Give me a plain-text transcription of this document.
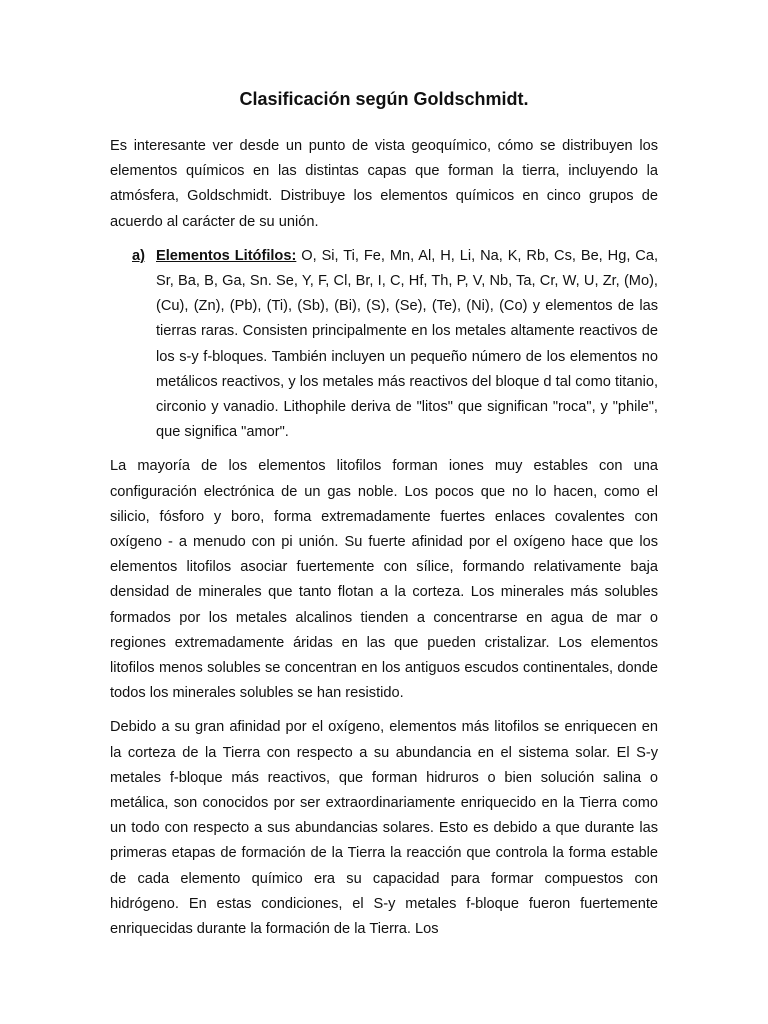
Clasificación según Goldschmidt.

Es interesante ver desde un punto de vista geoquímico, cómo se distribuyen los elementos químicos en las distintas capas que forman la tierra, incluyendo la atmósfera, Goldschmidt. Distribuye los elementos químicos en cinco grupos de acuerdo al carácter de su unión.

a) Elementos Litófilos: O, Si, Ti, Fe, Mn, Al, H, Li, Na, K, Rb, Cs, Be, Hg, Ca, Sr, Ba, B, Ga, Sn. Se, Y, F, Cl, Br, I, C, Hf, Th, P, V, Nb, Ta, Cr, W, U, Zr, (Mo), (Cu), (Zn), (Pb), (Ti), (Sb), (Bi), (S), (Se), (Te), (Ni), (Co) y elementos de las tierras raras. Consisten principalmente en los metales altamente reactivos de los s-y f-bloques. También incluyen un pequeño número de los elementos no metálicos reactivos, y los metales más reactivos del bloque d tal como titanio, circonio y vanadio. Lithophile deriva de "litos" que significan "roca", y "phile", que significa "amor".

La mayoría de los elementos litofilos forman iones muy estables con una configuración electrónica de un gas noble. Los pocos que no lo hacen, como el silicio, fósforo y boro, forma extremadamente fuertes enlaces covalentes con oxígeno - a menudo con pi unión. Su fuerte afinidad por el oxígeno hace que los elementos litofilos asociar fuertemente con sílice, formando relativamente baja densidad de minerales que tanto flotan a la corteza. Los minerales más solubles formados por los metales alcalinos tienden a concentrarse en agua de mar o regiones extremadamente áridas en las que pueden cristalizar. Los elementos litofilos menos solubles se concentran en los antiguos escudos continentales, donde todos los minerales solubles se han resistido.

Debido a su gran afinidad por el oxígeno, elementos más litofilos se enriquecen en la corteza de la Tierra con respecto a su abundancia en el sistema solar. El S-y metales f-bloque más reactivos, que forman hidruros o bien solución salina o metálica, son conocidos por ser extraordinariamente enriquecido en la Tierra como un todo con respecto a sus abundancias solares. Esto es debido a que durante las primeras etapas de formación de la Tierra la reacción que controla la forma estable de cada elemento químico era su capacidad para formar compuestos con hidrógeno. En estas condiciones, el S-y metales f-bloque fueron fuertemente enriquecidas durante la formación de la Tierra. Los
